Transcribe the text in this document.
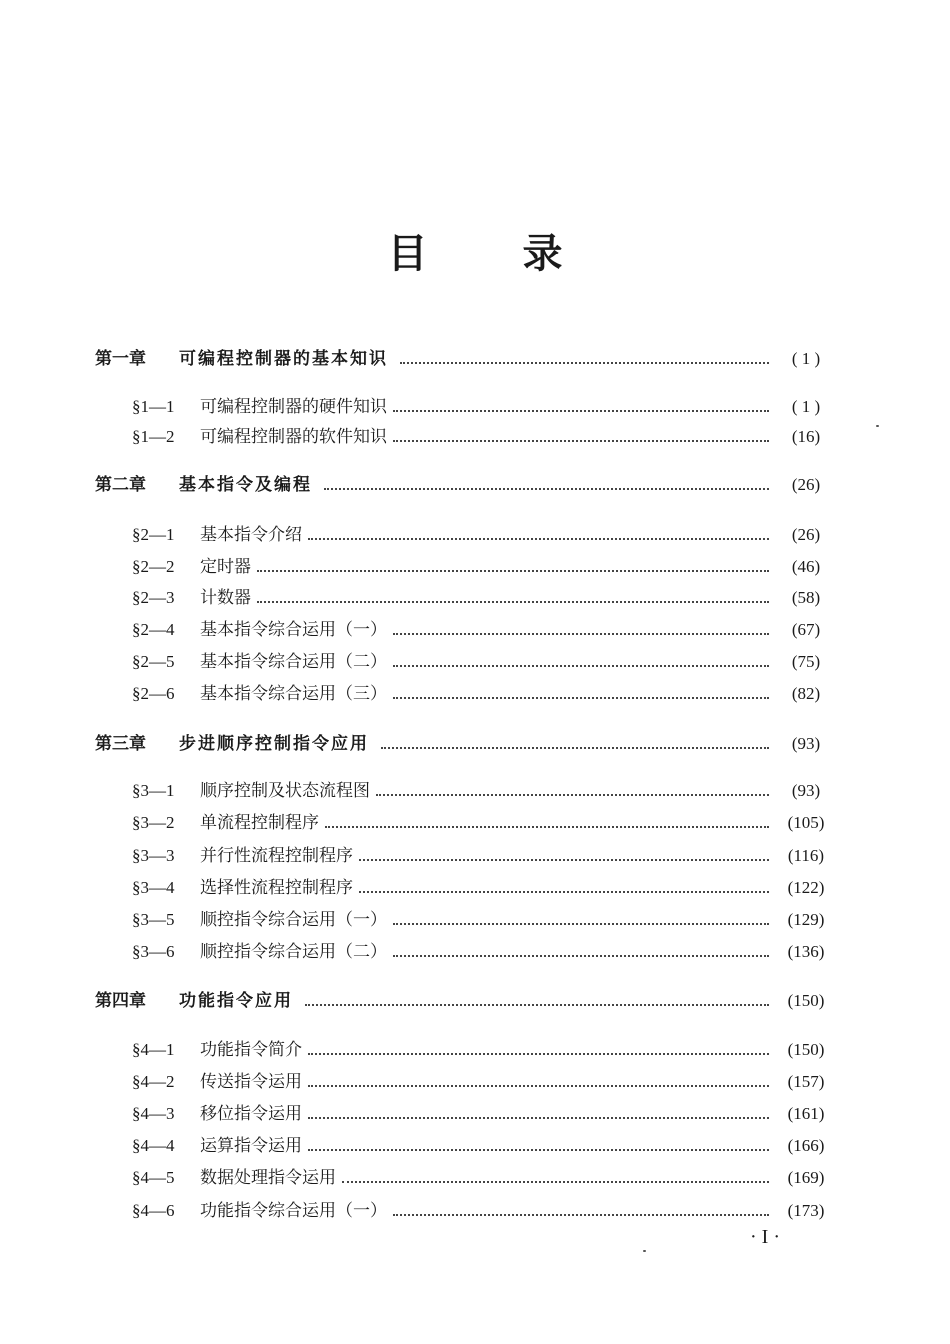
目 录
第一章	可编程控制器的基本知识	( 1 )
§1—1	可编程控制器的硬件知识	( 1 )
§1—2	可编程控制器的软件知识	(16)
第二章	基本指令及编程	(26)
§2—1	基本指令介绍	(26)
§2—2	定时器	(46)
§2—3	计数器	(58)
§2—4	基本指令综合运用（一）	(67)
§2—5	基本指令综合运用（二）	(75)
§2—6	基本指令综合运用（三）	(82)
第三章	步进顺序控制指令应用	(93)
§3—1	顺序控制及状态流程图	(93)
§3—2	单流程控制程序	(105)
§3—3	并行性流程控制程序	(116)
§3—4	选择性流程控制程序	(122)
§3—5	顺控指令综合运用（一）	(129)
§3—6	顺控指令综合运用（二）	(136)
第四章	功能指令应用	(150)
§4—1	功能指令简介	(150)
§4—2	传送指令运用	(157)
§4—3	移位指令运用	(161)
§4—4	运算指令运用	(166)
§4—5	数据处理指令运用	(169)
§4—6	功能指令综合运用（一）	(173)
· I ·
